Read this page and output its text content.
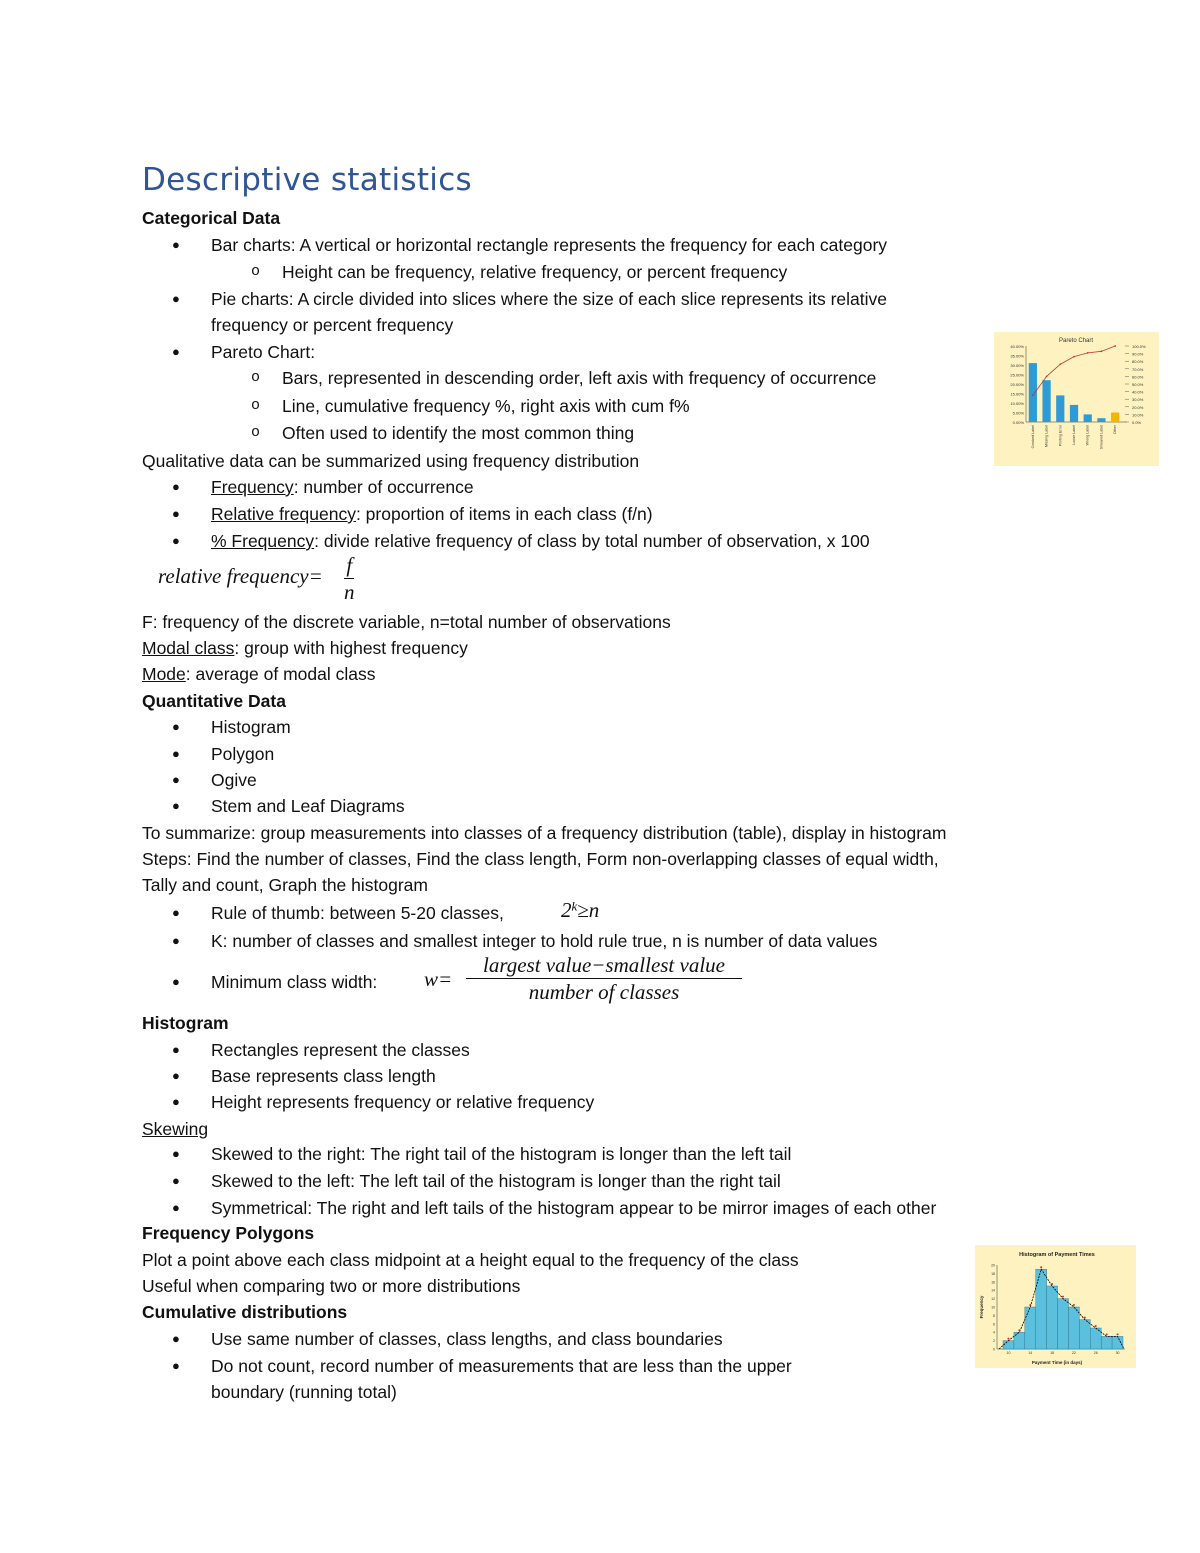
Descriptive statistics
Categorical Data
● Bar charts: A vertical or horizontal rectangle represents the frequency for each category
o Height can be frequency, relative frequency, or percent frequency
● Pie charts: A circle divided into slices where the size of each slice represents its relative
frequency or percent frequency
● Pareto Chart:
o Bars, represented in descending order, left axis with frequency of occurrence
o Line, cumulative frequency %, right axis with cum f%
o Often used to identify the most common thing
Qualitative data can be summarized using frequency distribution
● Frequency: number of occurrence
● Relative frequency: proportion of items in each class (f/n)
● % Frequency: divide relative frequency of class by total number of observation, x 100
relative frequency= $\frac{f}{n}$
F: frequency of the discrete variable, n=total number of observations
Modal class: group with highest frequency
Mode: average of modal class
Quantitative Data
● Histogram
● Polygon
● Ogive
● Stem and Leaf Diagrams
To summarize: group measurements into classes of a frequency distribution (table), display in histogram
Steps: Find the number of classes, Find the class length, Form non-overlapping classes of equal width,
Tally and count, Graph the histogram
● Rule of thumb: between 5-20 classes,	$2^k\ge n$
● K: number of classes and smallest integer to hold rule true, n is number of data values
● Minimum class width: w=
largest value−smallest value
number of classes
Histogram
● Rectangles represent the classes
● Base represents class length
● Height represents frequency or relative frequency
Skewing
● Skewed to the right: The right tail of the histogram is longer than the left tail
● Skewed to the left: The left tail of the histogram is longer than the right tail
● Symmetrical: The right and left tails of the histogram appear to be mirror images of each other
Frequency Polygons
Plot a point above each class midpoint at a height equal to the frequency of the class
Useful when comparing two or more distributions
Cumulative distributions
● Use same number of classes, class lengths, and class boundaries
● Do not count, record number of measurements that are less than the upper
boundary (running total)
Pareto Chart
40.00%
35.00%
30.00%
25.00%
20.00%
15.00%
10.00%
5.00%
0.00%
100.0%
90.0%
80.0%
70.0%
60.0%
50.0%
40.0%
30.0%
20.0%
10.0%
0.0%
Crooked Label	Missing Label	Printing Error	Loose Label	Wrong Label	Smeared Label	Other
Histogram of Payment Times
Payment Time (in days)
Frequency
0
2
4
6
8
10
12
14
16
18
20
10	14	18	22	26	30
